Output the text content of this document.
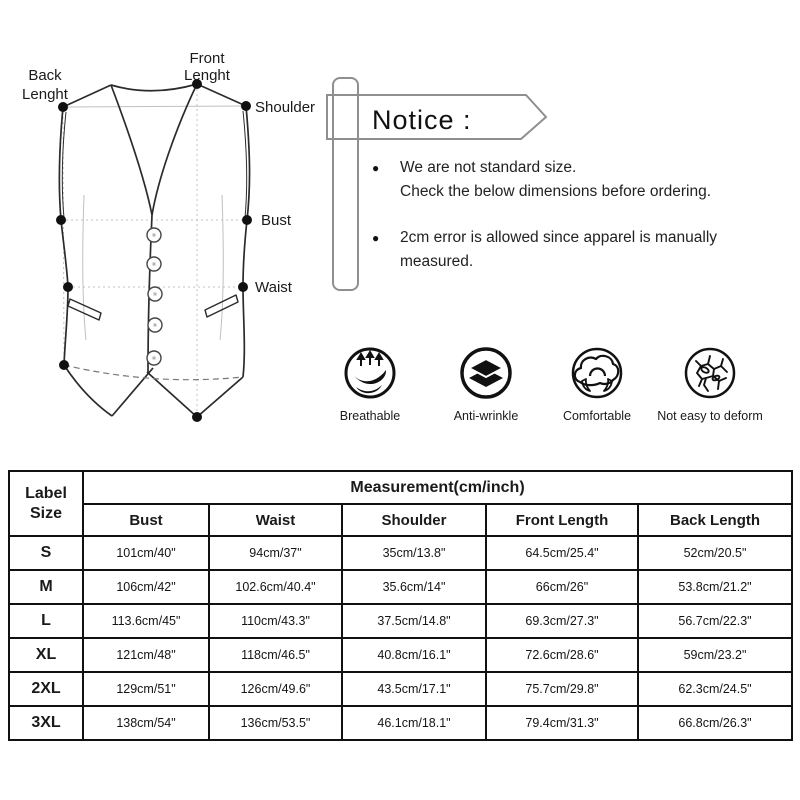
Back
Lenght
Front
Lenght
Shoulder
Bust
Waist
Notice :
●	We are not standard size.
Check the below dimensions before ordering.
●	2cm error is allowed since apparel is manually
measured.
Breathable	Anti-wrinkle	Comfortable Not easy to deform
Label
Size	Measurement(cm/inch)				
	Bust	Waist	Shoulder	Front Length	Back Length
S	101cm/40"	94cm/37"	35cm/13.8"	64.5cm/25.4"	52cm/20.5"
M	106cm/42"	102.6cm/40.4"	35.6cm/14"	66cm/26"	53.8cm/21.2"
L	113.6cm/45"	110cm/43.3"	37.5cm/14.8"	69.3cm/27.3"	56.7cm/22.3"
XL	121cm/48"	118cm/46.5"	40.8cm/16.1"	72.6cm/28.6"	59cm/23.2"
2XL	129cm/51"	126cm/49.6"	43.5cm/17.1"	75.7cm/29.8"	62.3cm/24.5"
3XL	138cm/54"	136cm/53.5"	46.1cm/18.1"	79.4cm/31.3"	66.8cm/26.3"
